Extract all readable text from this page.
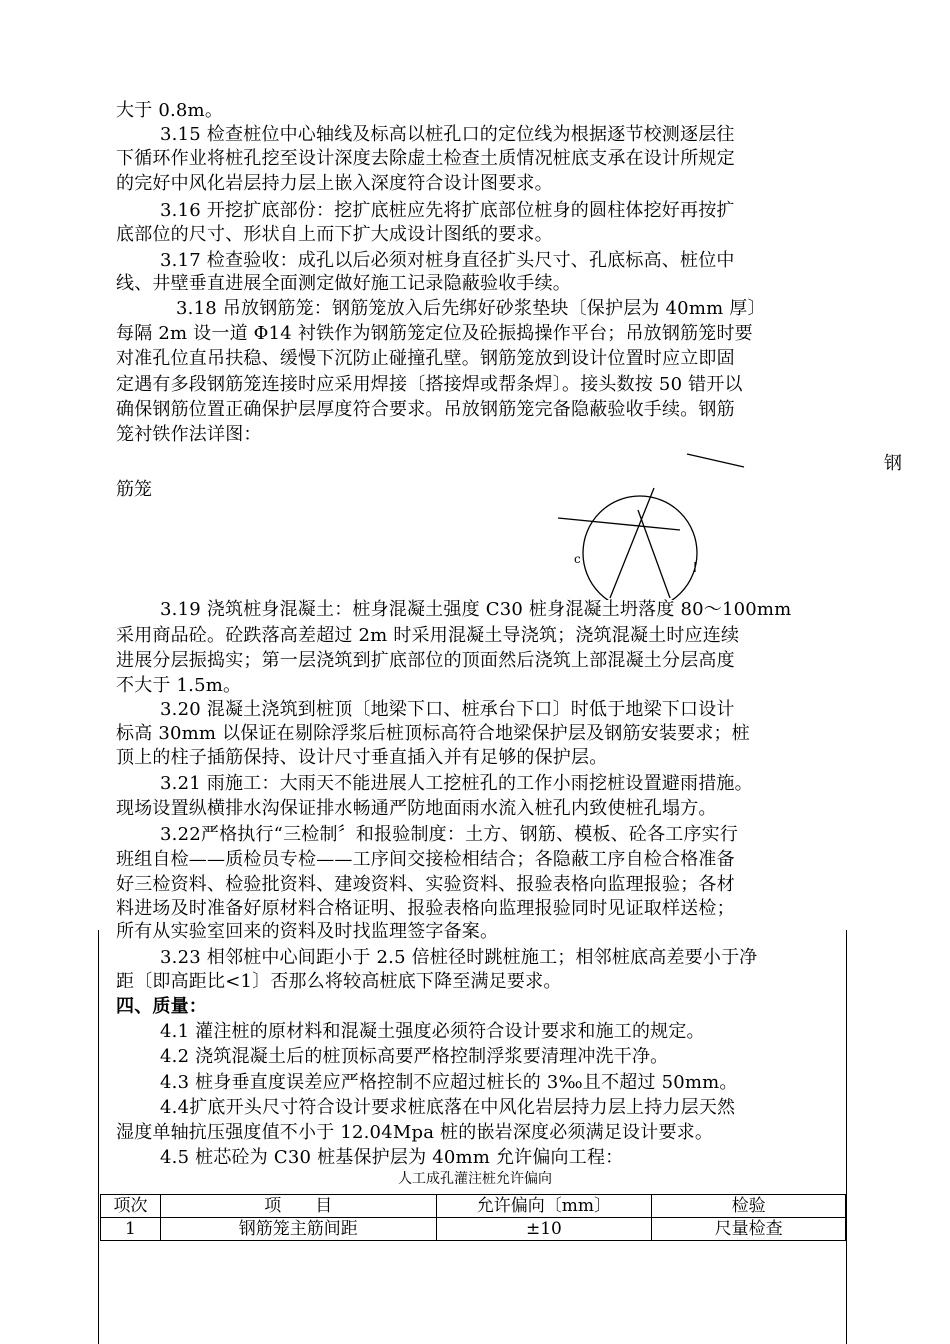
大于 0.8m。
3.15 检查桩位中心轴线及标高以桩孔口的定位线为根据逐节校测逐层往
下循环作业将桩孔挖至设计深度去除虚土检查土质情况桩底支承在设计所规定
的完好中风化岩层持力层上嵌入深度符合设计图要求。
3.16 开挖扩底部份：挖扩底桩应先将扩底部位桩身的圆柱体挖好再按扩
底部位的尺寸、形状自上而下扩大成设计图纸的要求。
3.17 检查验收：成孔以后必须对桩身直径扩头尺寸、孔底标高、桩位中
线、井壁垂直进展全面测定做好施工记录隐蔽验收手续。
3.18 吊放钢筋笼：钢筋笼放入后先绑好砂浆垫块〔保护层为 40mm 厚〕
每隔 2m 设一道 Φ14 衬铁作为钢筋笼定位及砼振捣操作平台；吊放钢筋笼时要
对准孔位直吊扶稳、缓慢下沉防止碰撞孔壁。钢筋笼放到设计位置时应立即固
定遇有多段钢筋笼连接时应采用焊接〔搭接焊或帮条焊〕。接头数按 50 错开以
确保钢筋位置正确保护层厚度符合要求。吊放钢筋笼完备隐蔽验收手续。钢筋
笼衬铁作法详图：
钢
筋笼
c
3.19 浇筑桩身混凝土：桩身混凝土强度 C30 桩身混凝土坍落度 80～100mm
采用商品砼。砼跌落高差超过 2m 时采用混凝土导浇筑；浇筑混凝土时应连续
进展分层振捣实；第一层浇筑到扩底部位的顶面然后浇筑上部混凝土分层高度
不大于 1.5m。
3.20 混凝土浇筑到桩顶〔地梁下口、桩承台下口〕时低于地梁下口设计
标高 30mm 以保证在剔除浮浆后桩顶标高符合地梁保护层及钢筋安装要求；桩
顶上的柱子插筋保持、设计尺寸垂直插入并有足够的保护层。
3.21 雨施工：大雨天不能进展人工挖桩孔的工作小雨挖桩设置避雨措施。
现场设置纵横排水沟保证排水畅通严防地面雨水流入桩孔内致使桩孔塌方。
3.22严格执行“三检制〞和报验制度：土方、钢筋、模板、砼各工序实行
班组自检——质检员专检——工序间交接检相结合；各隐蔽工序自检合格准备
好三检资料、检验批资料、建竣资料、实验资料、报验表格向监理报验；各材
料进场及时准备好原材料合格证明、报验表格向监理报验同时见证取样送检；
所有从实验室回来的资料及时找监理签字备案。
3.23 相邻桩中心间距小于 2.5 倍桩径时跳桩施工；相邻桩底高差要小于净
距〔即高距比<1〕否那么将较高桩底下降至满足要求。
四、质量：
4.1 灌注桩的原材料和混凝土强度必须符合设计要求和施工的规定。
4.2 浇筑混凝土后的桩顶标高要严格控制浮浆要清理冲洗干净。
4.3 桩身垂直度误差应严格控制不应超过桩长的 3‰且不超过 50mm。
4.4扩底开头尺寸符合设计要求桩底落在中风化岩层持力层上持力层天然
湿度单轴抗压强度值不小于 12.04Mpa 桩的嵌岩深度必须满足设计要求。
4.5 桩芯砼为 C30 桩基保护层为 40mm 允许偏向工程：
人工成孔灌注桩允许偏向
项次	项　　目	允许偏向〔mm〕	检验
1	钢筋笼主筋间距	±10	尺量检查
